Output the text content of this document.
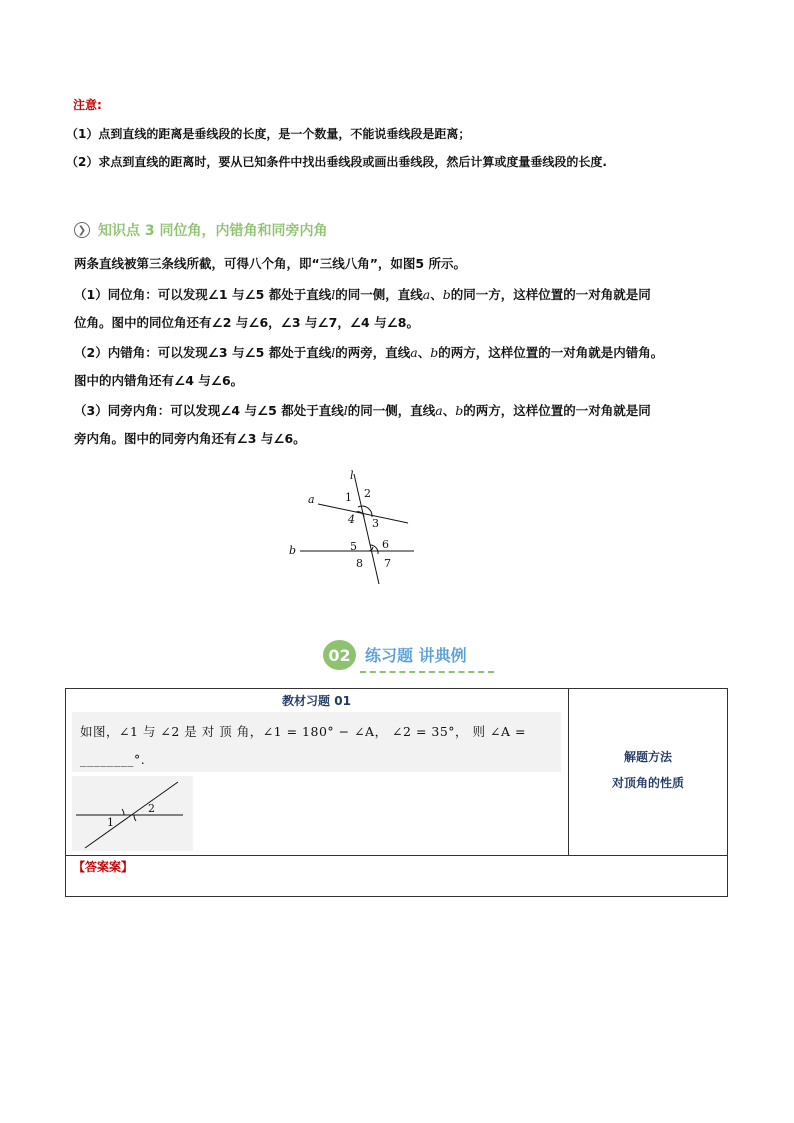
注意:
（1）点到直线的距离是垂线段的长度，是一个数量，不能说垂线段是距离；
（2）求点到直线的距离时，要从已知条件中找出垂线段或画出垂线段，然后计算或度量垂线段的长度.
❯ 知识点 3 同位角，内错角和同旁内角
两条直线被第三条线所截，可得八个角，即“三线八角”，如图5 所示。
（1）同位角：可以发现∠1 与∠5 都处于直线l的同一侧，直线a、b的同一方，这样位置的一对角就是同
位角。图中的同位角还有∠2 与∠6，∠3 与∠7，∠4 与∠8。
（2）内错角：可以发现∠3 与∠5 都处于直线l的两旁，直线a、b的两方，这样位置的一对角就是内错角。
图中的内错角还有∠4 与∠6。
（3）同旁内角：可以发现∠4 与∠5 都处于直线l的同一侧，直线a、b的两方，这样位置的一对角就是同
旁内角。图中的同旁内角还有∠3 与∠6。
l
a
b
1 2
3
4
5 6
7
8
02 练习题 讲典例
教材习题 01
如图，∠1 与 ∠2 是 对 顶 角，∠1 = 180° − ∠A， ∠2 = 35°， 则 ∠A =
________°.
1
2
解题方法
对顶角的性质
【答案案】
